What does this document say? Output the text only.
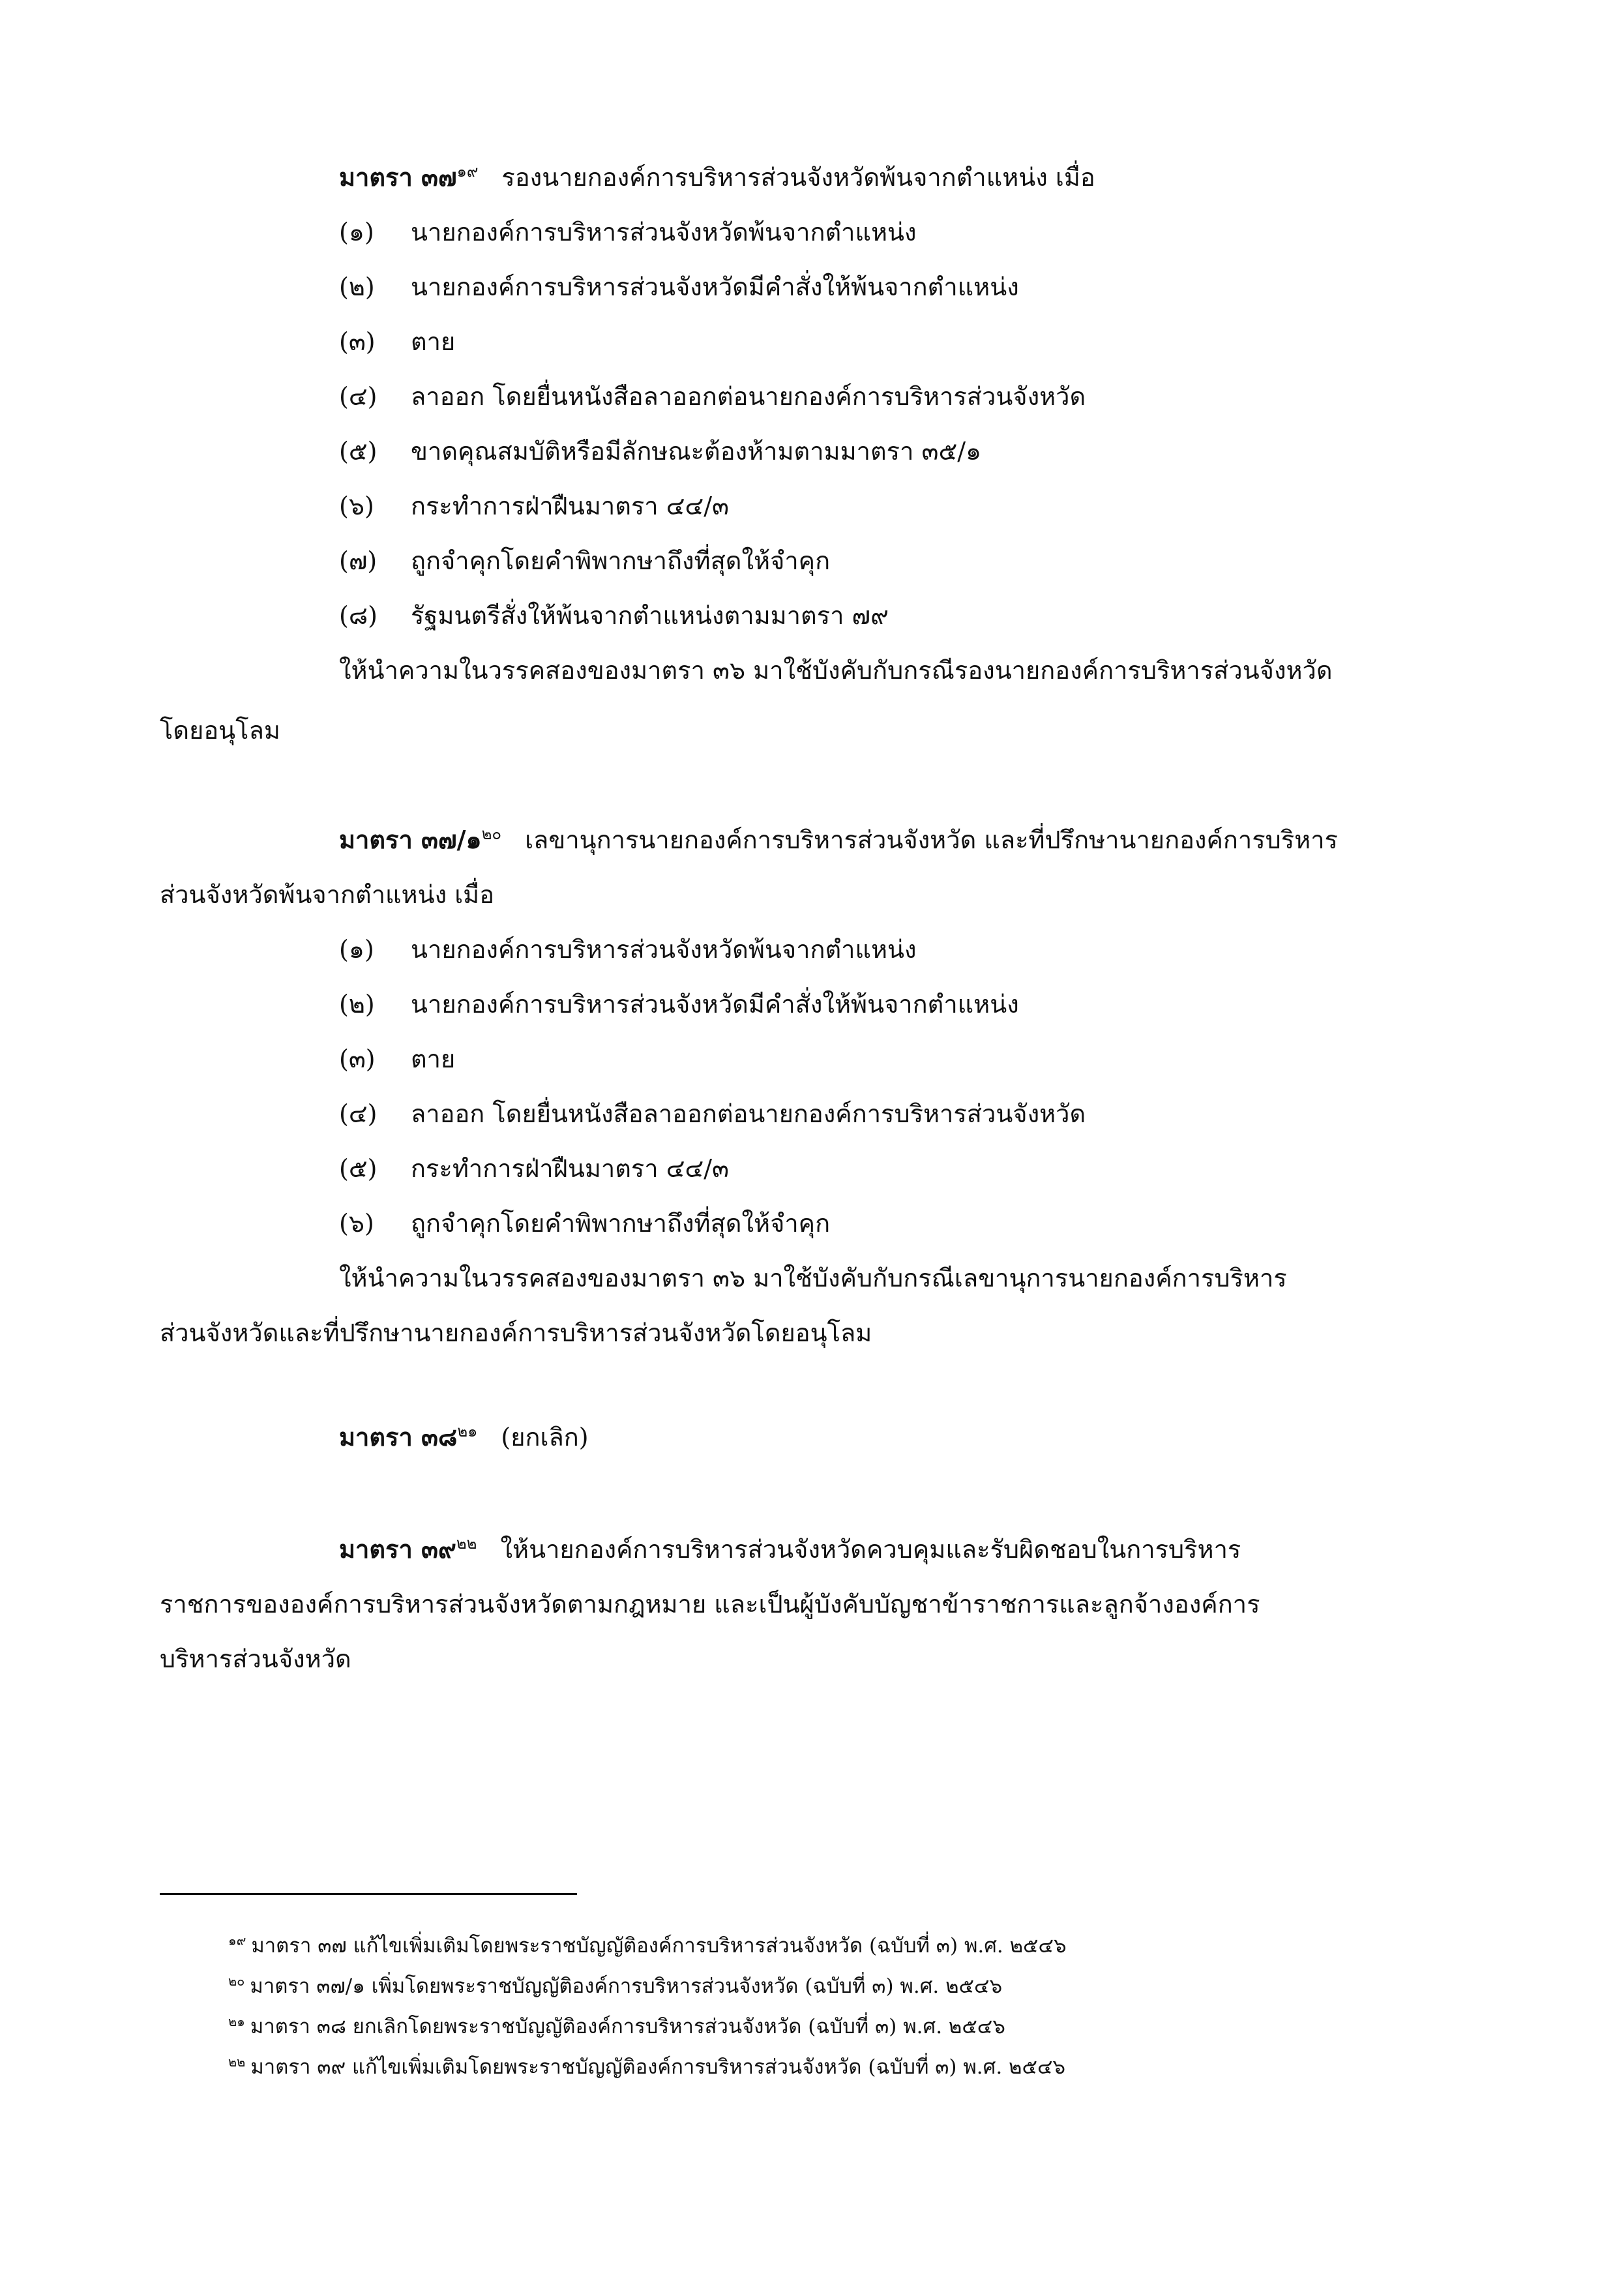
มาตรา ๓๗$^{๑๙}$ รองนายกองค์การบริหารส่วนจังหวัดพ้นจากตำแหน่ง เมื่อ
(๑) นายกองค์การบริหารส่วนจังหวัดพ้นจากตำแหน่ง
(๒) นายกองค์การบริหารส่วนจังหวัดมีคำสั่งให้พ้นจากตำแหน่ง
(๓) ตาย
(๔) ลาออก โดยยื่นหนังสือลาออกต่อนายกองค์การบริหารส่วนจังหวัด
(๕) ขาดคุณสมบัติหรือมีลักษณะต้องห้ามตามมาตรา ๓๕/๑
(๖) กระทำการฝ่าฝืนมาตรา ๔๔/๓
(๗) ถูกจำคุกโดยคำพิพากษาถึงที่สุดให้จำคุก
(๘) รัฐมนตรีสั่งให้พ้นจากตำแหน่งตามมาตรา ๗๙
ให้นำความในวรรคสองของมาตรา ๓๖ มาใช้บังคับกับกรณีรองนายกองค์การบริหารส่วนจังหวัด
โดยอนุโลม
มาตรา ๓๗/๑$^{๒๐}$ เลขานุการนายกองค์การบริหารส่วนจังหวัด และที่ปรึกษานายกองค์การบริหาร
ส่วนจังหวัดพ้นจากตำแหน่ง เมื่อ
(๑) นายกองค์การบริหารส่วนจังหวัดพ้นจากตำแหน่ง
(๒) นายกองค์การบริหารส่วนจังหวัดมีคำสั่งให้พ้นจากตำแหน่ง
(๓) ตาย
(๔) ลาออก โดยยื่นหนังสือลาออกต่อนายกองค์การบริหารส่วนจังหวัด
(๕) กระทำการฝ่าฝืนมาตรา ๔๔/๓
(๖) ถูกจำคุกโดยคำพิพากษาถึงที่สุดให้จำคุก
ให้นำความในวรรคสองของมาตรา ๓๖ มาใช้บังคับกับกรณีเลขานุการนายกองค์การบริหาร
ส่วนจังหวัดและที่ปรึกษานายกองค์การบริหารส่วนจังหวัดโดยอนุโลม
มาตรา ๓๘$^{๒๑}$ (ยกเลิก)
มาตรา ๓๙$^{๒๒}$ ให้นายกองค์การบริหารส่วนจังหวัดควบคุมและรับผิดชอบในการบริหาร
ราชการขององค์การบริหารส่วนจังหวัดตามกฎหมาย และเป็นผู้บังคับบัญชาข้าราชการและลูกจ้างองค์การ
บริหารส่วนจังหวัด
$^{๑๙}$ มาตรา ๓๗ แก้ไขเพิ่มเติมโดยพระราชบัญญัติองค์การบริหารส่วนจังหวัด (ฉบับที่ ๓) พ.ศ. ๒๕๔๖
$^{๒๐}$ มาตรา ๓๗/๑ เพิ่มโดยพระราชบัญญัติองค์การบริหารส่วนจังหวัด (ฉบับที่ ๓) พ.ศ. ๒๕๔๖
$^{๒๑}$ มาตรา ๓๘ ยกเลิกโดยพระราชบัญญัติองค์การบริหารส่วนจังหวัด (ฉบับที่ ๓) พ.ศ. ๒๕๔๖
$^{๒๒}$ มาตรา ๓๙ แก้ไขเพิ่มเติมโดยพระราชบัญญัติองค์การบริหารส่วนจังหวัด (ฉบับที่ ๓) พ.ศ. ๒๕๔๖
